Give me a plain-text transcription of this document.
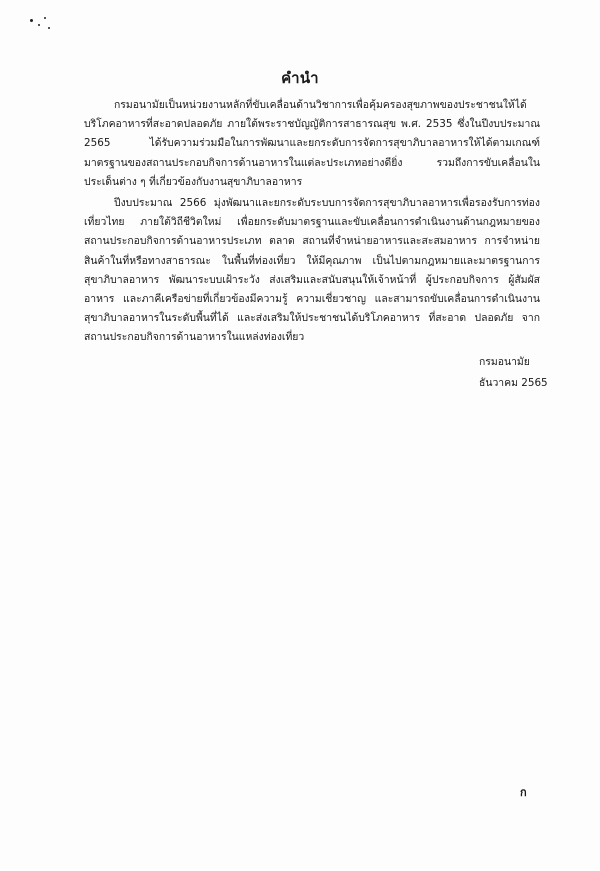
คำนำ

กรมอนามัยเป็นหน่วยงานหลักที่ขับเคลื่อนด้านวิชาการเพื่อคุ้มครองสุขภาพของประชาชนให้ได้บริโภคอาหารที่สะอาดปลอดภัย ภายใต้พระราชบัญญัติการสาธารณสุข พ.ศ. 2535 ซึ่งในปีงบประมาณ 2565 ได้รับความร่วมมือในการพัฒนาและยกระดับการจัดการสุขาภิบาลอาหารให้ได้ตามเกณฑ์มาตรฐานของสถานประกอบกิจการด้านอาหารในแต่ละประเภทอย่างดียิ่ง รวมถึงการขับเคลื่อนในประเด็นต่าง ๆ ที่เกี่ยวข้องกับงานสุขาภิบาลอาหาร

ปีงบประมาณ 2566 มุ่งพัฒนาและยกระดับระบบการจัดการสุขาภิบาลอาหารเพื่อรองรับการท่องเที่ยวไทย ภายใต้วิถีชีวิตใหม่ เพื่อยกระดับมาตรฐานและขับเคลื่อนการดำเนินงานด้านกฎหมายของสถานประกอบกิจการด้านอาหารประเภท ตลาด สถานที่จำหน่ายอาหารและสะสมอาหาร การจำหน่ายสินค้าในที่หรือทางสาธารณะ ในพื้นที่ท่องเที่ยว ให้มีคุณภาพ เป็นไปตามกฎหมายและมาตรฐานการสุขาภิบาลอาหาร พัฒนาระบบเฝ้าระวัง ส่งเสริมและสนับสนุนให้เจ้าหน้าที่ ผู้ประกอบกิจการ ผู้สัมผัสอาหาร และภาคีเครือข่ายที่เกี่ยวข้องมีความรู้ ความเชี่ยวชาญ และสามารถขับเคลื่อนการดำเนินงานสุขาภิบาลอาหารในระดับพื้นที่ได้ และส่งเสริมให้ประชาชนได้บริโภคอาหาร ที่สะอาด ปลอดภัย จากสถานประกอบกิจการด้านอาหารในแหล่งท่องเที่ยว

กรมอนามัย
ธันวาคม 2565
ก
